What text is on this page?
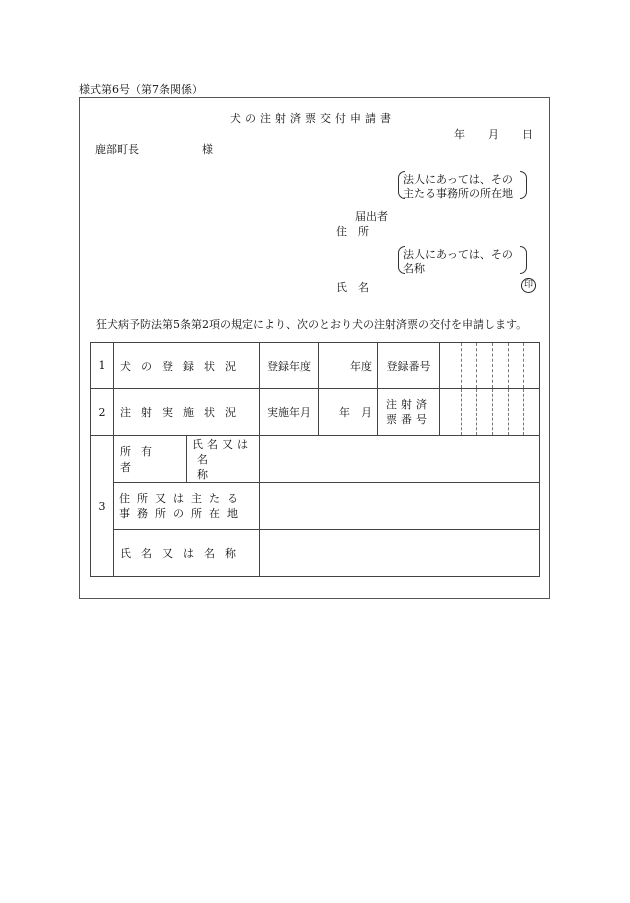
様式第6号（第7条関係）
犬の注射済票交付申請書
年 月 日
鹿部町長	様
法人にあっては、その
主たる事務所の所在地
届出者
住　所
法人にあっては、その
名称
氏　名	印
狂犬病予防法第5条第2項の規定により、次のとおり犬の注射済票の交付を申請します。
1	犬の登録状況		登録年度	年度	登録番号	

2	注射実施状況		実施年月	年　月	注射済
票番号	

3	所有者	氏名又は
名称				

住所又は主たる
事務所の所在地					

氏名又は名称					
